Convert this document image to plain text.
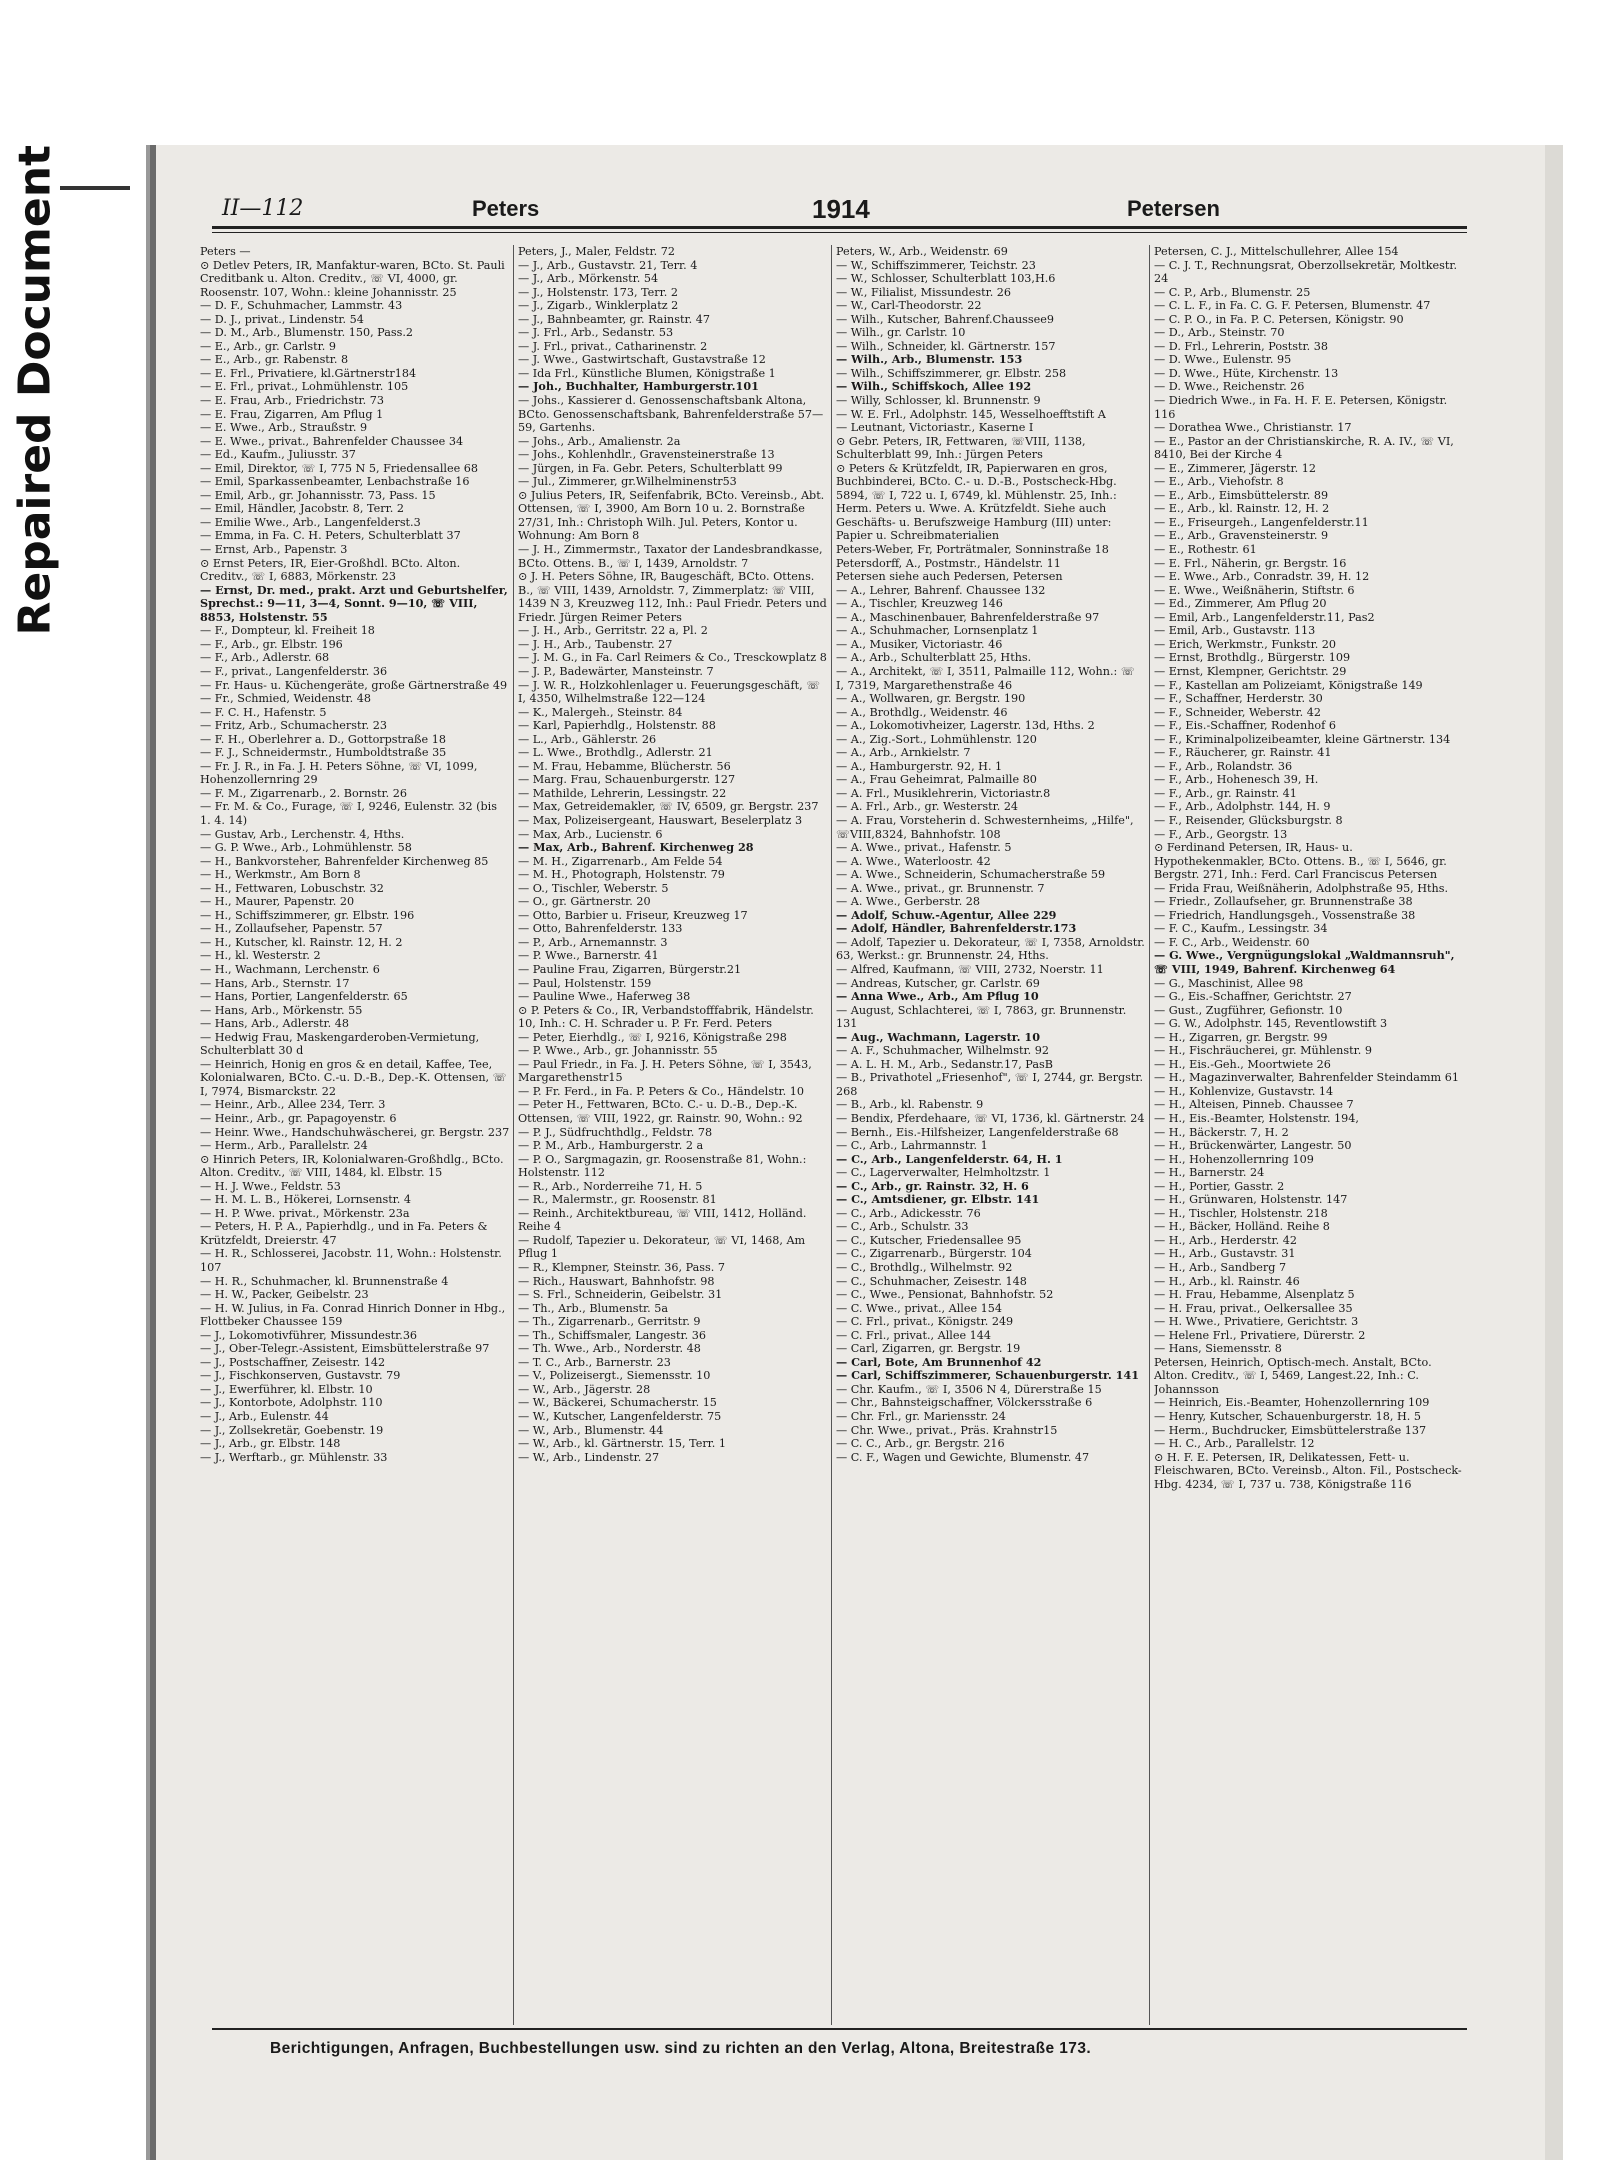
Repaired Document	II—112	Peters	1914	Petersen

Peters —

⊙ Detlev Peters, IR, Manfaktur-waren, BCto. St. Pauli Creditbank u. Alton. Creditv., ☏ VI, 4000, gr. Roosenstr. 107, Wohn.: kleine Johannisstr. 25

— D. F., Schuhmacher, Lammstr. 43

— D. J., privat., Lindenstr. 54

— D. M., Arb., Blumenstr. 150, Pass.2

— E., Arb., gr. Carlstr. 9

— E., Arb., gr. Rabenstr. 8

— E. Frl., Privatiere, kl.Gärtnerstr184

— E. Frl., privat., Lohmühlenstr. 105

— E. Frau, Arb., Friedrichstr. 73

— E. Frau, Zigarren, Am Pflug 1

— E. Wwe., Arb., Straußstr. 9

— E. Wwe., privat., Bahrenfelder Chaussee 34

— Ed., Kaufm., Juliusstr. 37

— Emil, Direktor, ☏ I, 775 N 5, Friedensallee 68

— Emil, Sparkassenbeamter, Lenbachstraße 16

— Emil, Arb., gr. Johannisstr. 73, Pass. 15

— Emil, Händler, Jacobstr. 8, Terr. 2

— Emilie Wwe., Arb., Langenfelderst.3

— Emma, in Fa. C. H. Peters, Schulterblatt 37

— Ernst, Arb., Papenstr. 3

⊙ Ernst Peters, IR, Eier-Großhdl. BCto. Alton. Creditv., ☏ I, 6883, Mörkenstr. 23

— Ernst, Dr. med., prakt. Arzt und Geburtshelfer, Sprechst.: 9—11, 3—4, Sonnt. 9—10, ☏ VIII, 8853, Holstenstr. 55

— F., Dompteur, kl. Freiheit 18

— F., Arb., gr. Elbstr. 196

— F., Arb., Adlerstr. 68

— F., privat., Langenfelderstr. 36

— Fr. Haus- u. Küchengeräte, große Gärtnerstraße 49

— Fr., Schmied, Weidenstr. 48

— F. C. H., Hafenstr. 5

— Fritz, Arb., Schumacherstr. 23

— F. H., Oberlehrer a. D., Gottorpstraße 18

— F. J., Schneidermstr., Humboldtstraße 35

— Fr. J. R., in Fa. J. H. Peters Söhne, ☏ VI, 1099, Hohenzollernring 29

— F. M., Zigarrenarb., 2. Bornstr. 26

— Fr. M. & Co., Furage, ☏ I, 9246, Eulenstr. 32 (bis 1. 4. 14)

— Gustav, Arb., Lerchenstr. 4, Hths.

— G. P. Wwe., Arb., Lohmühlenstr. 58

— H., Bankvorsteher, Bahrenfelder Kirchenweg 85

— H., Werkmstr., Am Born 8

— H., Fettwaren, Lobuschstr. 32

— H., Maurer, Papenstr. 20

— H., Schiffszimmerer, gr. Elbstr. 196

— H., Zollaufseher, Papenstr. 57

— H., Kutscher, kl. Rainstr. 12, H. 2

— H., kl. Westerstr. 2

— H., Wachmann, Lerchenstr. 6

— Hans, Arb., Sternstr. 17

— Hans, Portier, Langenfelderstr. 65

— Hans, Arb., Mörkenstr. 55

— Hans, Arb., Adlerstr. 48

— Hedwig Frau, Maskengarderoben-Vermietung, Schulterblatt 30 d

— Heinrich, Honig en gros & en detail, Kaffee, Tee, Kolonialwaren, BCto. C.-u. D.-B., Dep.-K. Ottensen, ☏ I, 7974, Bismarckstr. 22

— Heinr., Arb., Allee 234, Terr. 3

— Heinr., Arb., gr. Papagoyenstr. 6

— Heinr. Wwe., Handschuhwäscherei, gr. Bergstr. 237

— Herm., Arb., Parallelstr. 24

⊙ Hinrich Peters, IR, Kolonialwaren-Großhdlg., BCto. Alton. Creditv., ☏ VIII, 1484, kl. Elbstr. 15

— H. J. Wwe., Feldstr. 53

— H. M. L. B., Hökerei, Lornsenstr. 4

— H. P. Wwe. privat., Mörkenstr. 23a

— Peters, H. P. A., Papierhdlg., und in Fa. Peters & Krützfeldt, Dreierstr. 47

— H. R., Schlosserei, Jacobstr. 11, Wohn.: Holstenstr. 107

— H. R., Schuhmacher, kl. Brunnenstraße 4

— H. W., Packer, Geibelstr. 23

— H. W. Julius, in Fa. Conrad Hinrich Donner in Hbg., Flottbeker Chaussee 159

— J., Lokomotivführer, Missundestr.36

— J., Ober-Telegr.-Assistent, Eimsbüttelerstraße 97

— J., Postschaffner, Zeisestr. 142

— J., Fischkonserven, Gustavstr. 79

— J., Ewerführer, kl. Elbstr. 10

— J., Kontorbote, Adolphstr. 110

— J., Arb., Eulenstr. 44

— J., Zollsekretär, Goebenstr. 19

— J., Arb., gr. Elbstr. 148

— J., Werftarb., gr. Mühlenstr. 33

Peters, J., Maler, Feldstr. 72

— J., Arb., Gustavstr. 21, Terr. 4

— J., Arb., Mörkenstr. 54

— J., Holstenstr. 173, Terr. 2

— J., Zigarb., Winklerplatz 2

— J., Bahnbeamter, gr. Rainstr. 47

— J. Frl., Arb., Sedanstr. 53

— J. Frl., privat., Catharinenstr. 2

— J. Wwe., Gastwirtschaft, Gustavstraße 12

— Ida Frl., Künstliche Blumen, Königstraße 1

— Joh., Buchhalter, Hamburgerstr.101

— Johs., Kassierer d. Genossenschaftsbank Altona, BCto. Genossenschaftsbank, Bahrenfelderstraße 57—59, Gartenhs.

— Johs., Arb., Amalienstr. 2a

— Johs., Kohlenhdlr., Gravensteinerstraße 13

— Jürgen, in Fa. Gebr. Peters, Schulterblatt 99

— Jul., Zimmerer, gr.Wilhelminenstr53

⊙ Julius Peters, IR, Seifenfabrik, BCto. Vereinsb., Abt. Ottensen, ☏ I, 3900, Am Born 10 u. 2. Bornstraße 27/31, Inh.: Christoph Wilh. Jul. Peters, Kontor u. Wohnung: Am Born 8

— J. H., Zimmermstr., Taxator der Landesbrandkasse, BCto. Ottens. B., ☏ I, 1439, Arnoldstr. 7

⊙ J. H. Peters Söhne, IR, Baugeschäft, BCto. Ottens. B., ☏ VIII, 1439, Arnoldstr. 7, Zimmerplatz: ☏ VIII, 1439 N 3, Kreuzweg 112, Inh.: Paul Friedr. Peters und Friedr. Jürgen Reimer Peters

— J. H., Arb., Gerritstr. 22 a, Pl. 2

— J. H., Arb., Taubenstr. 27

— J. M. G., in Fa. Carl Reimers & Co., Tresckowplatz 8

— J. P., Badewärter, Mansteinstr. 7

— J. W. R., Holzkohlenlager u. Feuerungsgeschäft, ☏ I, 4350, Wilhelmstraße 122—124

— K., Malergeh., Steinstr. 84

— Karl, Papierhdlg., Holstenstr. 88

— L., Arb., Gählerstr. 26

— L. Wwe., Brothdlg., Adlerstr. 21

— M. Frau, Hebamme, Blücherstr. 56

— Marg. Frau, Schauenburgerstr. 127

— Mathilde, Lehrerin, Lessingstr. 22

— Max, Getreidemakler, ☏ IV, 6509, gr. Bergstr. 237

— Max, Polizeisergeant, Hauswart, Beselerplatz 3

— Max, Arb., Lucienstr. 6

— Max, Arb., Bahrenf. Kirchenweg 28

— M. H., Zigarrenarb., Am Felde 54

— M. H., Photograph, Holstenstr. 79

— O., Tischler, Weberstr. 5

— O., gr. Gärtnerstr. 20

— Otto, Barbier u. Friseur, Kreuzweg 17

— Otto, Bahrenfelderstr. 133

— P., Arb., Arnemannstr. 3

— P. Wwe., Barnerstr. 41

— Pauline Frau, Zigarren, Bürgerstr.21

— Paul, Holstenstr. 159

— Pauline Wwe., Haferweg 38

⊙ P. Peters & Co., IR, Verbandstofffabrik, Händelstr. 10, Inh.: C. H. Schrader u. P. Fr. Ferd. Peters

— Peter, Eierhdlg., ☏ I, 9216, Königstraße 298

— P. Wwe., Arb., gr. Johannisstr. 55

— Paul Friedr., in Fa. J. H. Peters Söhne, ☏ I, 3543, Margarethenstr15

— P. Fr. Ferd., in Fa. P. Peters & Co., Händelstr. 10

— Peter H., Fettwaren, BCto. C.- u. D.-B., Dep.-K. Ottensen, ☏ VIII, 1922, gr. Rainstr. 90, Wohn.: 92

— P. J., Südfruchthdlg., Feldstr. 78

— P. M., Arb., Hamburgerstr. 2 a

— P. O., Sargmagazin, gr. Roosenstraße 81, Wohn.: Holstenstr. 112

— R., Arb., Norderreihe 71, H. 5

— R., Malermstr., gr. Roosenstr. 81

— Reinh., Architektbureau, ☏ VIII, 1412, Holländ. Reihe 4

— Rudolf, Tapezier u. Dekorateur, ☏ VI, 1468, Am Pflug 1

— R., Klempner, Steinstr. 36, Pass. 7

— Rich., Hauswart, Bahnhofstr. 98

— S. Frl., Schneiderin, Geibelstr. 31

— Th., Arb., Blumenstr. 5a

— Th., Zigarrenarb., Gerritstr. 9

— Th., Schiffsmaler, Langestr. 36

— Th. Wwe., Arb., Norderstr. 48

— T. C., Arb., Barnerstr. 23

— V., Polizeisergt., Siemensstr. 10

— W., Arb., Jägerstr. 28

— W., Bäckerei, Schumacherstr. 15

— W., Kutscher, Langenfelderstr. 75

— W., Arb., Blumenstr. 44

— W., Arb., kl. Gärtnerstr. 15, Terr. 1

— W., Arb., Lindenstr. 27

Peters, W., Arb., Weidenstr. 69

— W., Schiffszimmerer, Teichstr. 23

— W., Schlosser, Schulterblatt 103,H.6

— W., Filialist, Missundestr. 26

— W., Carl-Theodorstr. 22

— Wilh., Kutscher, Bahrenf.Chaussee9

— Wilh., gr. Carlstr. 10

— Wilh., Schneider, kl. Gärtnerstr. 157

— Wilh., Arb., Blumenstr. 153

— Wilh., Schiffszimmerer, gr. Elbstr. 258

— Wilh., Schiffskoch, Allee 192

— Willy, Schlosser, kl. Brunnenstr. 9

— W. E. Frl., Adolphstr. 145, Wesselhoefftstift A

— Leutnant, Victoriastr., Kaserne I

⊙ Gebr. Peters, IR, Fettwaren, ☏VIII, 1138, Schulterblatt 99, Inh.: Jürgen Peters

⊙ Peters & Krützfeldt, IR, Papierwaren en gros, Buchbinderei, BCto. C.- u. D.-B., Postscheck-Hbg. 5894, ☏ I, 722 u. I, 6749, kl. Mühlenstr. 25, Inh.: Herm. Peters u. Wwe. A. Krützfeldt. Siehe auch Geschäfts- u. Berufszweige Hamburg (III) unter: Papier u. Schreibmaterialien

Peters-Weber, Fr, Porträtmaler, Sonninstraße 18

Petersdorff, A., Postmstr., Händelstr. 11

Petersen siehe auch Pedersen, Petersen

— A., Lehrer, Bahrenf. Chaussee 132

— A., Tischler, Kreuzweg 146

— A., Maschinenbauer, Bahrenfelderstraße 97

— A., Schuhmacher, Lornsenplatz 1

— A., Musiker, Victoriastr. 46

— A., Arb., Schulterblatt 25, Hths.

— A., Architekt, ☏ I, 3511, Palmaille 112, Wohn.: ☏ I, 7319, Margarethenstraße 46

— A., Wollwaren, gr. Bergstr. 190

— A., Brothdlg., Weidenstr. 46

— A., Lokomotivheizer, Lagerstr. 13d, Hths. 2

— A., Zig.-Sort., Lohmühlenstr. 120

— A., Arb., Arnkielstr. 7

— A., Hamburgerstr. 92, H. 1

— A., Frau Geheimrat, Palmaille 80

— A. Frl., Musiklehrerin, Victoriastr.8

— A. Frl., Arb., gr. Westerstr. 24

— A. Frau, Vorsteherin d. Schwesternheims, „Hilfe", ☏VIII,8324, Bahnhofstr. 108

— A. Wwe., privat., Hafenstr. 5

— A. Wwe., Waterloostr. 42

— A. Wwe., Schneiderin, Schumacherstraße 59

— A. Wwe., privat., gr. Brunnenstr. 7

— A. Wwe., Gerberstr. 28

— Adolf, Schuw.-Agentur, Allee 229

— Adolf, Händler, Bahrenfelderstr.173

— Adolf, Tapezier u. Dekorateur, ☏ I, 7358, Arnoldstr. 63, Werkst.: gr. Brunnenstr. 24, Hths.

— Alfred, Kaufmann, ☏ VIII, 2732, Noerstr. 11

— Andreas, Kutscher, gr. Carlstr. 69

— Anna Wwe., Arb., Am Pflug 10

— August, Schlachterei, ☏ I, 7863, gr. Brunnenstr. 131

— Aug., Wachmann, Lagerstr. 10

— A. F., Schuhmacher, Wilhelmstr. 92

— A. L. H. M., Arb., Sedanstr.17, PasB

— B., Privathotel „Friesenhof", ☏ I, 2744, gr. Bergstr. 268

— B., Arb., kl. Rabenstr. 9

— Bendix, Pferdehaare, ☏ VI, 1736, kl. Gärtnerstr. 24

— Bernh., Eis.-Hilfsheizer, Langenfelderstraße 68

— C., Arb., Lahrmannstr. 1

— C., Arb., Langenfelderstr. 64, H. 1

— C., Lagerverwalter, Helmholtzstr. 1

— C., Arb., gr. Rainstr. 32, H. 6

— C., Amtsdiener, gr. Elbstr. 141

— C., Arb., Adickesstr. 76

— C., Arb., Schulstr. 33

— C., Kutscher, Friedensallee 95

— C., Zigarrenarb., Bürgerstr. 104

— C., Brothdlg., Wilhelmstr. 92

— C., Schuhmacher, Zeisestr. 148

— C., Wwe., Pensionat, Bahnhofstr. 52

— C. Wwe., privat., Allee 154

— C. Frl., privat., Königstr. 249

— C. Frl., privat., Allee 144

— Carl, Zigarren, gr. Bergstr. 19

— Carl, Bote, Am Brunnenhof 42

— Carl, Schiffszimmerer, Schauenburgerstr. 141

— Chr. Kaufm., ☏ I, 3506 N 4, Dürerstraße 15

— Chr., Bahnsteigschaffner, Völckersstraße 6

— Chr. Frl., gr. Mariensstr. 24

— Chr. Wwe., privat., Präs. Krahnstr15

— C. C., Arb., gr. Bergstr. 216

— C. F., Wagen und Gewichte, Blumenstr. 47

Petersen, C. J., Mittelschullehrer, Allee 154

— C. J. T., Rechnungsrat, Oberzollsekretär, Moltkestr. 24

— C. P., Arb., Blumenstr. 25

— C. L. F., in Fa. C. G. F. Petersen, Blumenstr. 47

— C. P. O., in Fa. P. C. Petersen, Königstr. 90

— D., Arb., Steinstr. 70

— D. Frl., Lehrerin, Poststr. 38

— D. Wwe., Eulenstr. 95

— D. Wwe., Hüte, Kirchenstr. 13

— D. Wwe., Reichenstr. 26

— Diedrich Wwe., in Fa. H. F. E. Petersen, Königstr. 116

— Dorathea Wwe., Christianstr. 17

— E., Pastor an der Christianskirche, R. A. IV., ☏ VI, 8410, Bei der Kirche 4

— E., Zimmerer, Jägerstr. 12

— E., Arb., Viehofstr. 8

— E., Arb., Eimsbüttelerstr. 89

— E., Arb., kl. Rainstr. 12, H. 2

— E., Friseurgeh., Langenfelderstr.11

— E., Arb., Gravensteinerstr. 9

— E., Rothestr. 61

— E. Frl., Näherin, gr. Bergstr. 16

— E. Wwe., Arb., Conradstr. 39, H. 12

— E. Wwe., Weißnäherin, Stiftstr. 6

— Ed., Zimmerer, Am Pflug 20

— Emil, Arb., Langenfelderstr.11, Pas2

— Emil, Arb., Gustavstr. 113

— Erich, Werkmstr., Funkstr. 20

— Ernst, Brothdlg., Bürgerstr. 109

— Ernst, Klempner, Gerichtstr. 29

— F., Kastellan am Polizeiamt, Königstraße 149

— F., Schaffner, Herderstr. 30

— F., Schneider, Weberstr. 42

— F., Eis.-Schaffner, Rodenhof 6

— F., Kriminalpolizeibeamter, kleine Gärtnerstr. 134

— F., Räucherer, gr. Rainstr. 41

— F., Arb., Rolandstr. 36

— F., Arb., Hohenesch 39, H.

— F., Arb., gr. Rainstr. 41

— F., Arb., Adolphstr. 144, H. 9

— F., Reisender, Glücksburgstr. 8

— F., Arb., Georgstr. 13

⊙ Ferdinand Petersen, IR, Haus- u. Hypothekenmakler, BCto. Ottens. B., ☏ I, 5646, gr. Bergstr. 271, Inh.: Ferd. Carl Franciscus Petersen

— Frida Frau, Weißnäherin, Adolphstraße 95, Hths.

— Friedr., Zollaufseher, gr. Brunnenstraße 38

— Friedrich, Handlungsgeh., Vossenstraße 38

— F. C., Kaufm., Lessingstr. 34

— F. C., Arb., Weidenstr. 60

— G. Wwe., Vergnügungslokal „Waldmannsruh", ☏ VIII, 1949, Bahrenf. Kirchenweg 64

— G., Maschinist, Allee 98

— G., Eis.-Schaffner, Gerichtstr. 27

— Gust., Zugführer, Gefionstr. 10

— G. W., Adolphstr. 145, Reventlowstift 3

— H., Zigarren, gr. Bergstr. 99

— H., Fischräucherei, gr. Mühlenstr. 9

— H., Eis.-Geh., Moortwiete 26

— H., Magazinverwalter, Bahrenfelder Steindamm 61

— H., Kohlenvize, Gustavstr. 14

— H., Alteisen, Pinneb. Chaussee 7

— H., Eis.-Beamter, Holstenstr. 194,

— H., Bäckerstr. 7, H. 2

— H., Brückenwärter, Langestr. 50

— H., Hohenzollernring 109

— H., Barnerstr. 24

— H., Portier, Gasstr. 2

— H., Grünwaren, Holstenstr. 147

— H., Tischler, Holstenstr. 218

— H., Bäcker, Holländ. Reihe 8

— H., Arb., Herderstr. 42

— H., Arb., Gustavstr. 31

— H., Arb., Sandberg 7

— H., Arb., kl. Rainstr. 46

— H. Frau, Hebamme, Alsenplatz 5

— H. Frau, privat., Oelkersallee 35

— H. Wwe., Privatiere, Gerichtstr. 3

— Helene Frl., Privatiere, Dürerstr. 2

— Hans, Siemensstr. 8

Petersen, Heinrich, Optisch-mech. Anstalt, BCto. Alton. Creditv., ☏ I, 5469, Langest.22, Inh.: C. Johannsson

— Heinrich, Eis.-Beamter, Hohenzollernring 109

— Henry, Kutscher, Schauenburgerstr. 18, H. 5

— Herm., Buchdrucker, Eimsbüttelerstraße 137

— H. C., Arb., Parallelstr. 12

⊙ H. F. E. Petersen, IR, Delikatessen, Fett- u. Fleischwaren, BCto. Vereinsb., Alton. Fil., Postscheck-Hbg. 4234, ☏ I, 737 u. 738, Königstraße 116

Berichtigungen, Anfragen, Buchbestellungen usw. sind zu richten an den Verlag, Altona, Breitestraße 173.
